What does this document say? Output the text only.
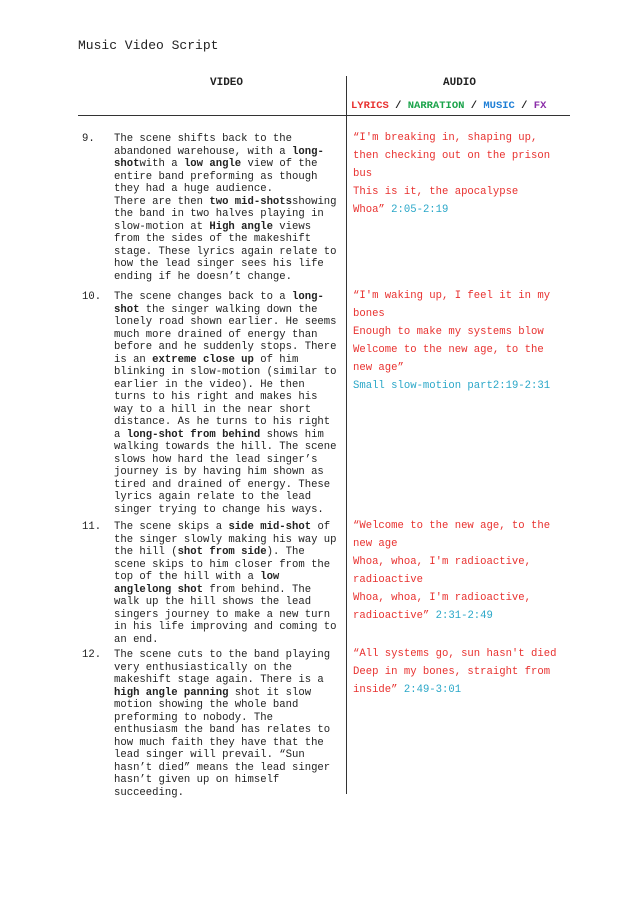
Music Video Script
VIDEO	AUDIO
LYRICS / NARRATION / MUSIC / FX
9. The scene shifts back to the abandoned warehouse, with a long-shotwith a low angle view of the entire band preforming as though they had a huge audience.
There are then two mid-shotsshowing the band in two halves playing in slow-motion at High angle views from the sides of the makeshift stage. These lyrics again relate to how the lead singer sees his life ending if he doesn’t change.
“I'm breaking in, shaping up,
then checking out on the prison
bus
This is it, the apocalypse
Whoa” 2:05-2:19
10. The scene changes back to a long-shot the singer walking down the lonely road shown earlier. He seems much more drained of energy than before and he suddenly stops. There is an extreme close up of him blinking in slow-motion (similar to earlier in the video). He then turns to his right and makes his way to a hill in the near short distance. As he turns to his right a long-shot from behind shows him walking towards the hill. The scene slows how hard the lead singer’s journey is by having him shown as tired and drained of energy. These lyrics again relate to the lead singer trying to change his ways.
“I'm waking up, I feel it in my
bones
Enough to make my systems blow
Welcome to the new age, to the
new age”
Small slow-motion part2:19-2:31
11. The scene skips a side mid-shot of the singer slowly making his way up the hill (shot from side). The scene skips to him closer from the top of the hill with a low anglelong shot from behind. The walk up the hill shows the lead singers journey to make a new turn in his life improving and coming to an end.
“Welcome to the new age, to the
new age
Whoa, whoa, I'm radioactive,
radioactive
Whoa, whoa, I'm radioactive,
radioactive” 2:31-2:49
12. The scene cuts to the band playing very enthusiastically on the makeshift stage again. There is a high angle panning shot it slow motion showing the whole band preforming to nobody. The enthusiasm the band has relates to how much faith they have that the lead singer will prevail. “Sun hasn’t died” means the lead singer hasn’t given up on himself succeeding.
“All systems go, sun hasn't died
Deep in my bones, straight from
inside” 2:49-3:01
